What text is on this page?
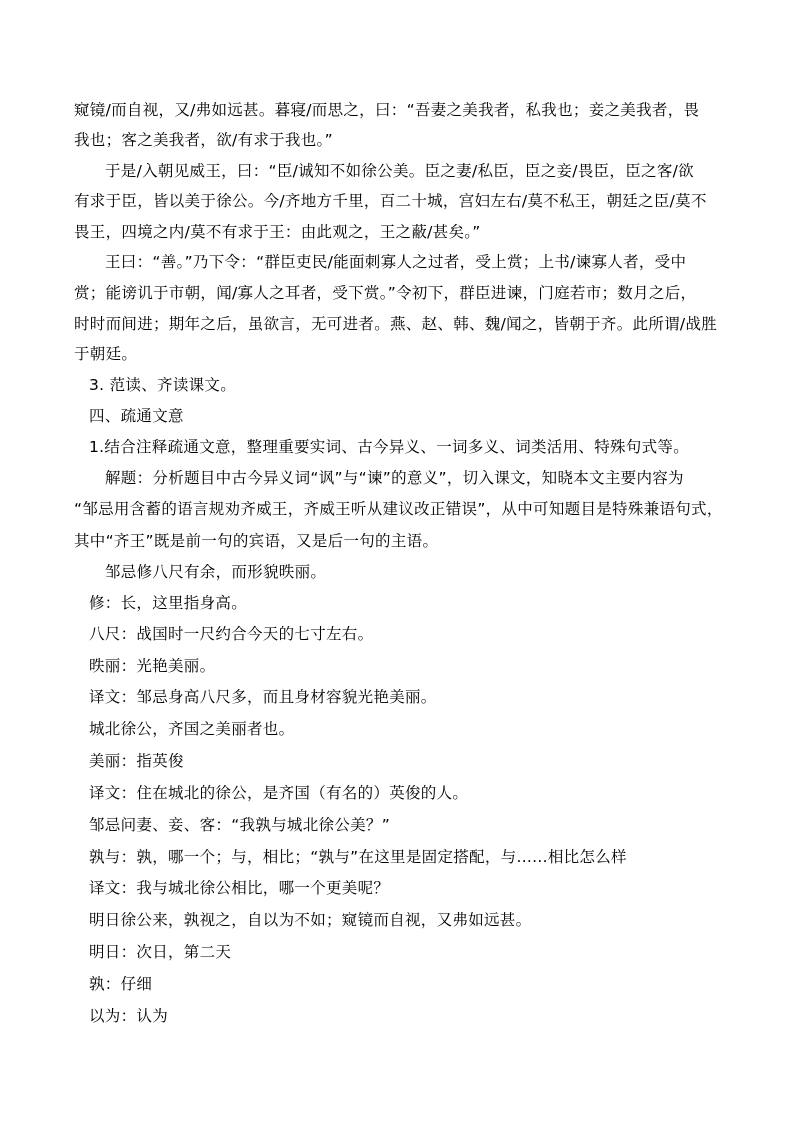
窥镜/而自视，又/弗如远甚。暮寝/而思之，曰：“吾妻之美我者，私我也；妾之美我者，畏
我也；客之美我者，欲/有求于我也。”
于是/入朝见威王，曰：“臣/诚知不如徐公美。臣之妻/私臣，臣之妾/畏臣，臣之客/欲
有求于臣，皆以美于徐公。今/齐地方千里，百二十城，宫妇左右/莫不私王，朝廷之臣/莫不
畏王，四境之内/莫不有求于王：由此观之，王之蔽/甚矣。”
王曰：“善。”乃下令：“群臣吏民/能面刺寡人之过者，受上赏；上书/谏寡人者，受中
赏；能谤讥于市朝，闻/寡人之耳者，受下赏。”令初下，群臣进谏，门庭若市；数月之后，
时时而间进；期年之后，虽欲言，无可进者。燕、赵、韩、魏/闻之，皆朝于齐。此所谓/战胜
于朝廷。
3. 范读、齐读课文。
四、疏通文意
1.结合注释疏通文意，整理重要实词、古今异义、一词多义、词类活用、特殊句式等。
解题：分析题目中古今异义词“讽”与“谏”的意义”，切入课文，知晓本文主要内容为
“邹忌用含蓄的语言规劝齐威王，齐威王听从建议改正错误”，从中可知题目是特殊兼语句式，
其中“齐王”既是前一句的宾语，又是后一句的主语。
邹忌修八尺有余，而形貌昳丽。
修：长，这里指身高。
八尺：战国时一尺约合今天的七寸左右。
昳丽：光艳美丽。
译文：邹忌身高八尺多，而且身材容貌光艳美丽。
城北徐公，齐国之美丽者也。
美丽：指英俊
译文：住在城北的徐公，是齐国（有名的）英俊的人。
邹忌问妻、妾、客：“我孰与城北徐公美？”
孰与：孰，哪一个；与，相比；“孰与”在这里是固定搭配，与......相比怎么样
译文：我与城北徐公相比，哪一个更美呢？
明日徐公来，孰视之，自以为不如；窥镜而自视，又弗如远甚。
明日：次日，第二天
孰：仔细
以为：认为
